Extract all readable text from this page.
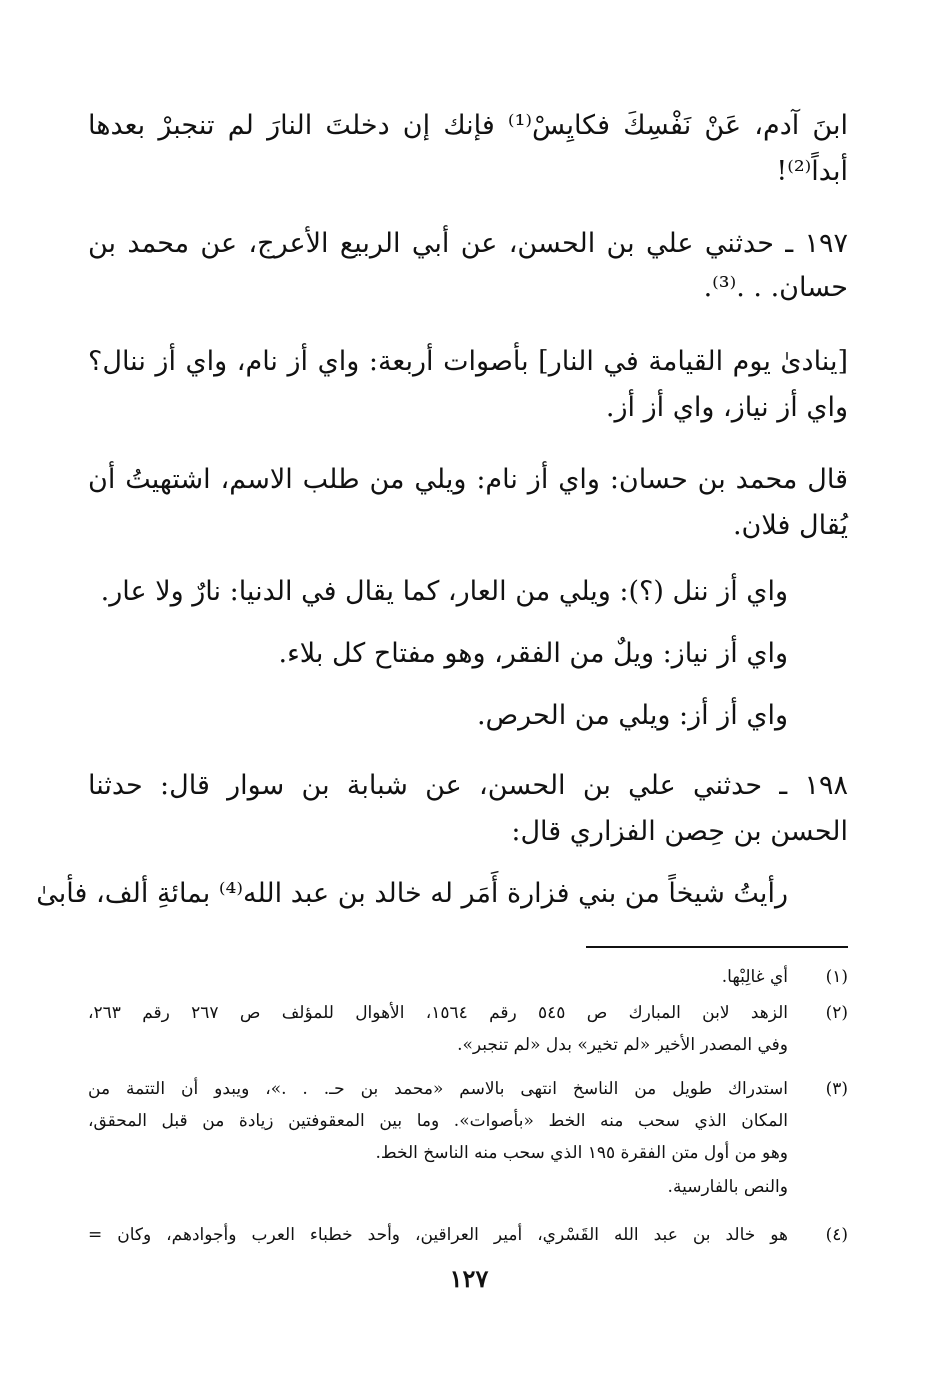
ابنَ آدم، عَنْ نَفْسِكَ فكايِسْ⁽¹⁾ فإنك إن دخلتَ النارَ لم تنجبرْ بعدها
أبداً⁽²⁾!
١٩٧ ـ حدثني علي بن الحسن، عن أبي الربيع الأعرج، عن محمد بن
حسان. . .⁽³⁾.
[ينادىٰ يوم القيامة في النار] بأصوات أربعة: واي أز نام، واي أز ننال؟
واي أز نياز، واي أز أز.
قال محمد بن حسان: واي أز نام: ويلي من طلب الاسم، اشتهيتُ أن
يُقال فلان.
واي أز ننل (؟): ويلي من العار، كما يقال في الدنيا: نارٌ ولا عار.
واي أز نياز: ويلٌ من الفقر، وهو مفتاح كل بلاء.
واي أز أز: ويلي من الحرص.
١٩٨ ـ حدثني علي بن الحسن، عن شبابة بن سوار قال: حدثنا
الحسن بن حِصن الفزاري قال:
رأيتُ شيخاً من بني فزارة أَمَر له خالد بن عبد الله⁽⁴⁾ بمائةِ ألف، فأبىٰ
(١)
أي غالِبْها.
(٢)
الزهد لابن المبارك ص ٥٤٥ رقم ١٥٦٤، الأهوال للمؤلف ص ٢٦٧ رقم ٢٦٣،
وفي المصدر الأخير «لم تخير» بدل «لم تنجبر».
(٣)
استدراك طويل من الناسخ انتهى بالاسم «محمد بن حـ. . .»، ويبدو أن التتمة من
المكان الذي سحب منه الخط «بأصوات». وما بين المعقوفتين زيادة من قبل المحقق،
وهو من أول متن الفقرة ١٩٥ الذي سحب منه الناسخ الخط.
والنص بالفارسية.
(٤)
هو خالد بن عبد الله القَسْري، أمير العراقين، وأحد خطباء العرب وأجوادهم، وكان =
١٢٧
